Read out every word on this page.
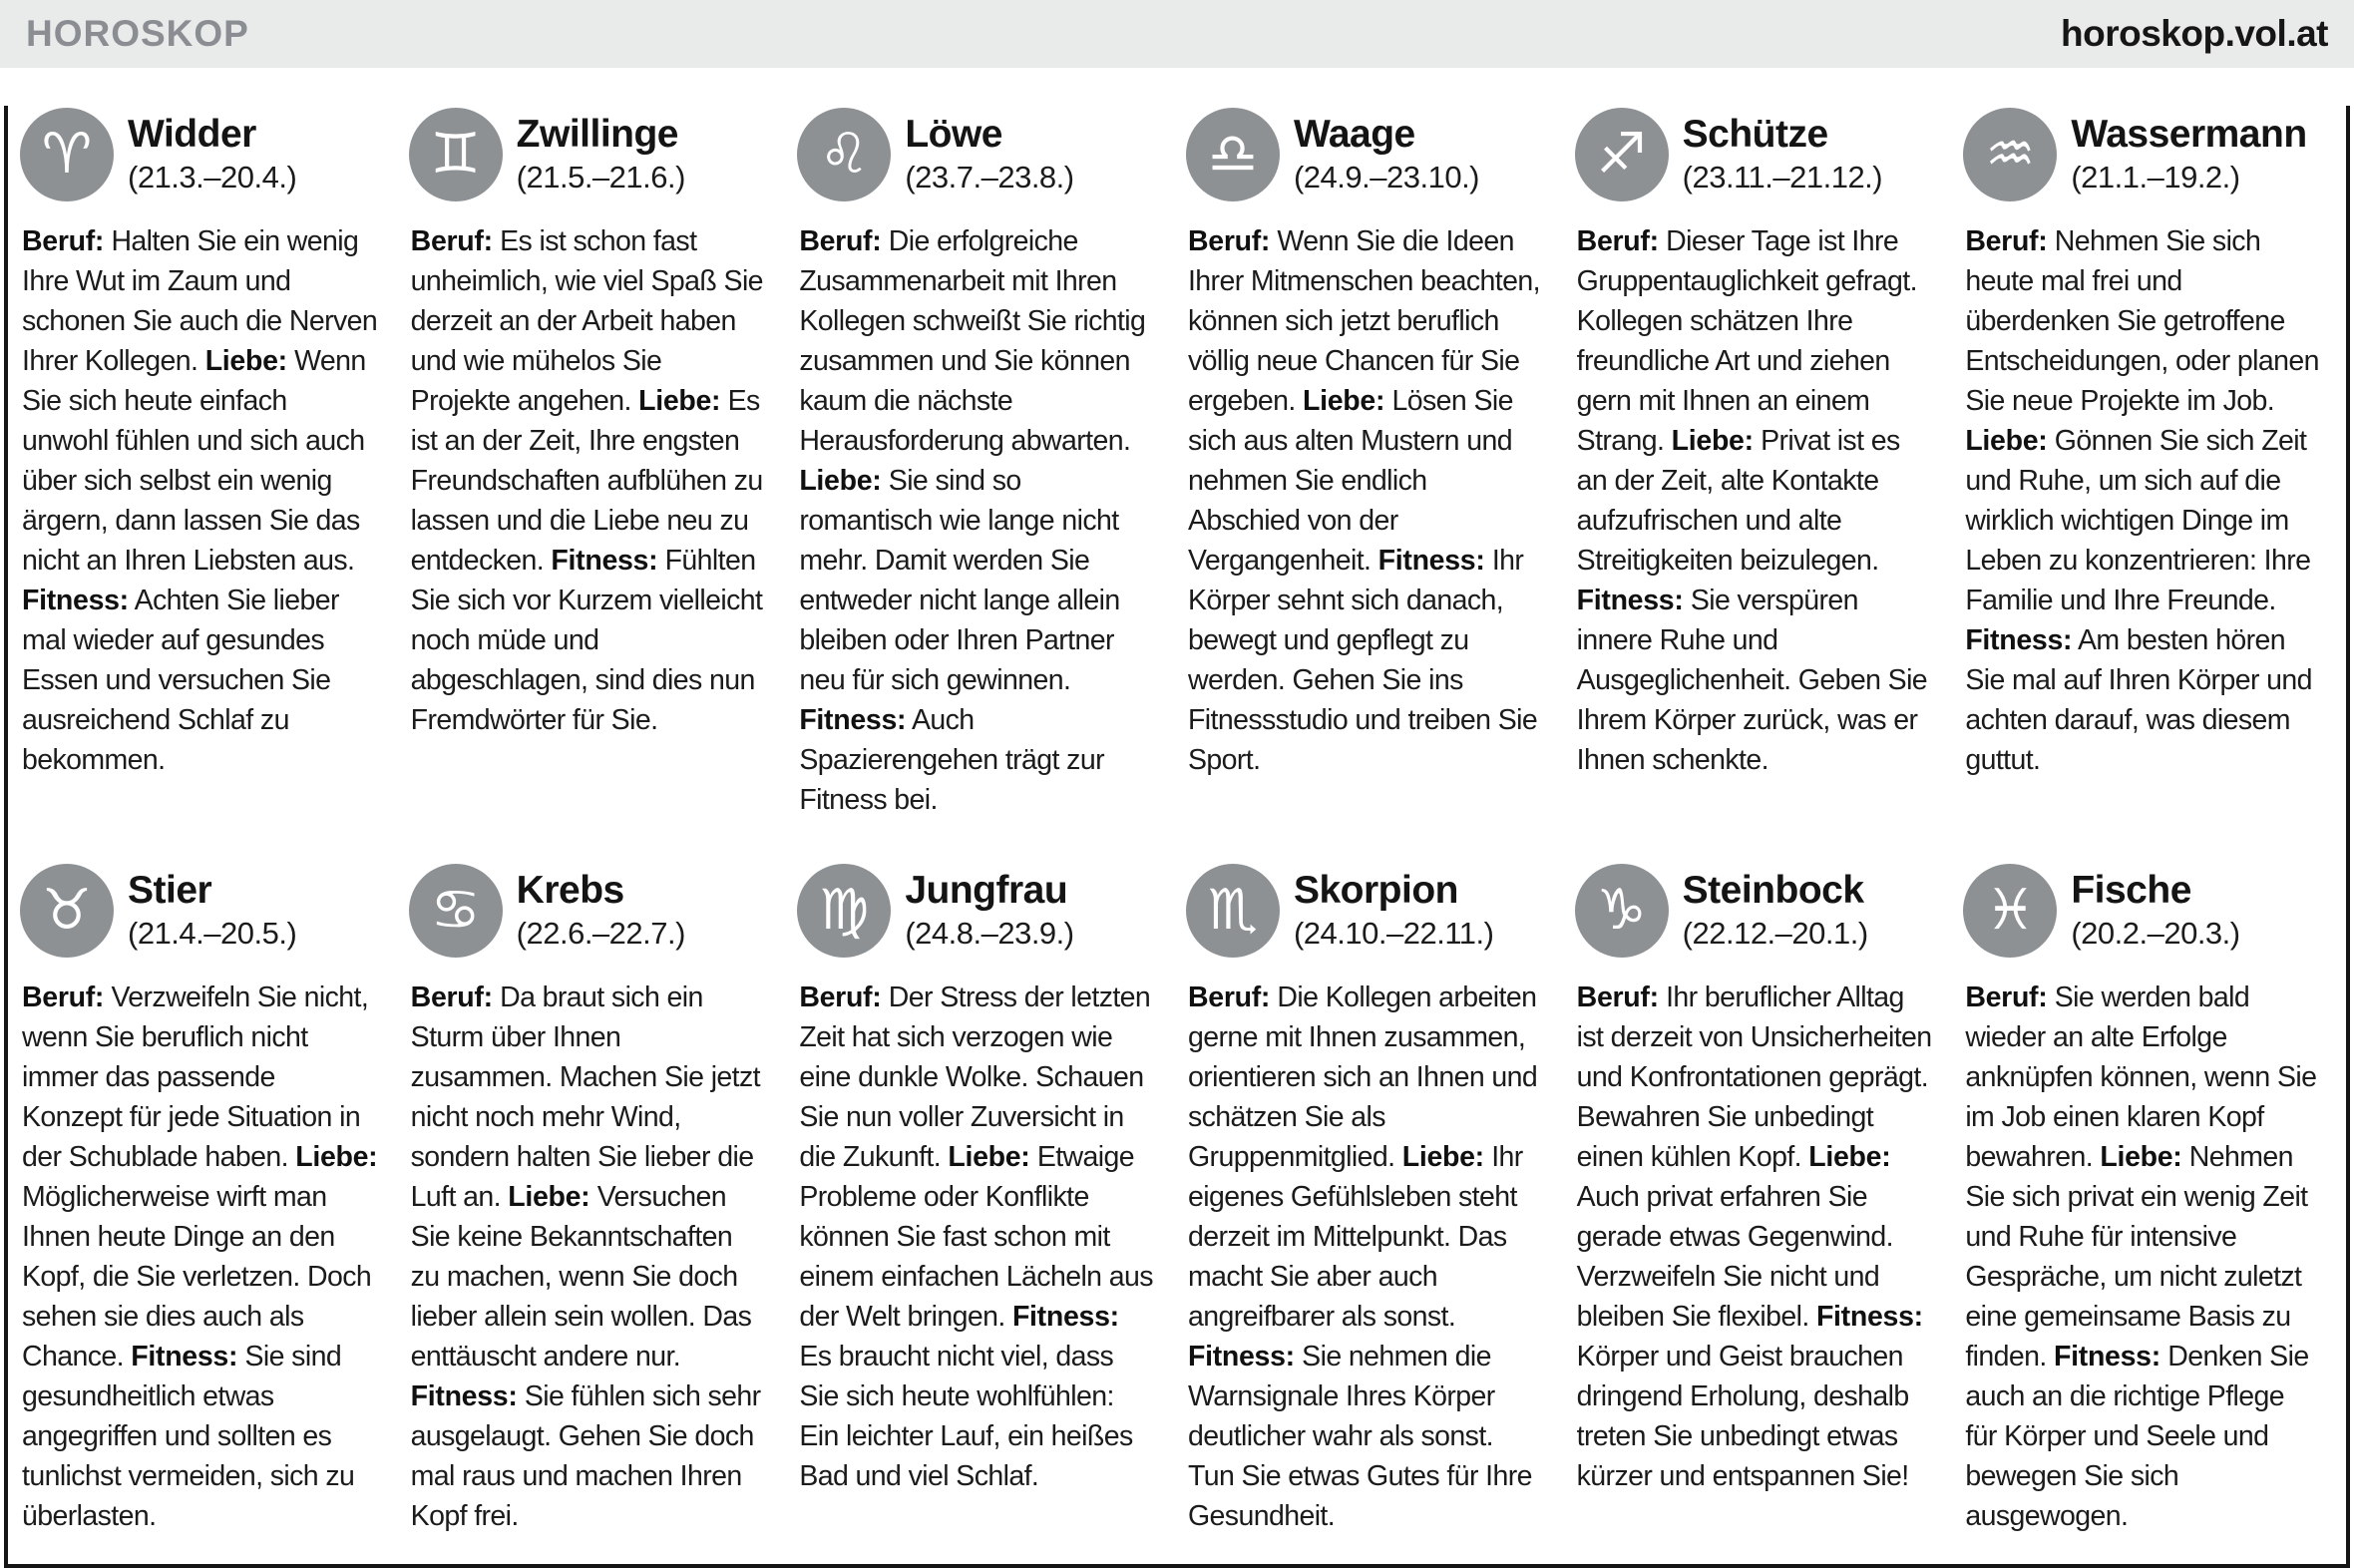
HOROSKOP	horoskop.vol.at
♈ Widder
(21.3.–20.4.)

Beruf: Halten Sie ein wenig Ihre Wut im Zaum und schonen Sie auch die Nerven Ihrer Kollegen. Liebe: Wenn Sie sich heute einfach unwohl fühlen und sich auch über sich selbst ein wenig ärgern, dann lassen Sie das nicht an Ihren Liebsten aus. Fitness: Achten Sie lieber mal wieder auf gesundes Essen und versuchen Sie ausreichend Schlaf zu bekommen.

♊ Zwillinge
(21.5.–21.6.)

Beruf: Es ist schon fast unheimlich, wie viel Spaß Sie derzeit an der Arbeit haben und wie mühelos Sie Projekte angehen. Liebe: Es ist an der Zeit, Ihre engsten Freundschaften aufblühen zu lassen und die Liebe neu zu entdecken. Fitness: Fühlten Sie sich vor Kurzem vielleicht noch müde und abgeschlagen, sind dies nun Fremdwörter für Sie.

♌ Löwe
(23.7.–23.8.)

Beruf: Die erfolgreiche Zusammenarbeit mit Ihren Kollegen schweißt Sie richtig zusammen und Sie können kaum die nächste Herausforderung abwarten. Liebe: Sie sind so romantisch wie lange nicht mehr. Damit werden Sie entweder nicht lange allein bleiben oder Ihren Partner neu für sich gewinnen. Fitness: Auch Spazierengehen trägt zur Fitness bei.

♎ Waage
(24.9.–23.10.)

Beruf: Wenn Sie die Ideen Ihrer Mitmenschen beachten, können sich jetzt beruflich völlig neue Chancen für Sie ergeben. Liebe: Lösen Sie sich aus alten Mustern und nehmen Sie endlich Abschied von der Vergangenheit. Fitness: Ihr Körper sehnt sich danach, bewegt und gepflegt zu werden. Gehen Sie ins Fitnessstudio und treiben Sie Sport.

♐ Schütze
(23.11.–21.12.)

Beruf: Dieser Tage ist Ihre Gruppentauglichkeit gefragt. Kollegen schätzen Ihre freundliche Art und ziehen gern mit Ihnen an einem Strang. Liebe: Privat ist es an der Zeit, alte Kontakte aufzufrischen und alte Streitigkeiten beizulegen. Fitness: Sie verspüren innere Ruhe und Ausgeglichenheit. Geben Sie Ihrem Körper zurück, was er Ihnen schenkte.

♒ Wassermann
(21.1.–19.2.)

Beruf: Nehmen Sie sich heute mal frei und überdenken Sie getroffene Entscheidungen, oder planen Sie neue Projekte im Job. Liebe: Gönnen Sie sich Zeit und Ruhe, um sich auf die wirklich wichtigen Dinge im Leben zu konzentrieren: Ihre Familie und Ihre Freunde. Fitness: Am besten hören Sie mal auf Ihren Körper und achten darauf, was diesem guttut.

♉ Stier
(21.4.–20.5.)

Beruf: Verzweifeln Sie nicht, wenn Sie beruflich nicht immer das passende Konzept für jede Situation in der Schublade haben. Liebe: Möglicherweise wirft man Ihnen heute Dinge an den Kopf, die Sie verletzen. Doch sehen sie dies auch als Chance. Fitness: Sie sind gesundheitlich etwas angegriffen und sollten es tunlichst vermeiden, sich zu überlasten.

♋ Krebs
(22.6.–22.7.)

Beruf: Da braut sich ein Sturm über Ihnen zusammen. Machen Sie jetzt nicht noch mehr Wind, sondern halten Sie lieber die Luft an. Liebe: Versuchen Sie keine Bekanntschaften zu machen, wenn Sie doch lieber allein sein wollen. Das enttäuscht andere nur. Fitness: Sie fühlen sich sehr ausgelaugt. Gehen Sie doch mal raus und machen Ihren Kopf frei.

♍ Jungfrau
(24.8.–23.9.)

Beruf: Der Stress der letzten Zeit hat sich verzogen wie eine dunkle Wolke. Schauen Sie nun voller Zuversicht in die Zukunft. Liebe: Etwaige Probleme oder Konflikte können Sie fast schon mit einem einfachen Lächeln aus der Welt bringen. Fitness: Es braucht nicht viel, dass Sie sich heute wohlfühlen: Ein leichter Lauf, ein heißes Bad und viel Schlaf.

♏ Skorpion
(24.10.–22.11.)

Beruf: Die Kollegen arbeiten gerne mit Ihnen zusammen, orientieren sich an Ihnen und schätzen Sie als Gruppenmitglied. Liebe: Ihr eigenes Gefühlsleben steht derzeit im Mittelpunkt. Das macht Sie aber auch angreifbarer als sonst. Fitness: Sie nehmen die Warnsignale Ihres Körper deutlicher wahr als sonst. Tun Sie etwas Gutes für Ihre Gesundheit.

♑ Steinbock
(22.12.–20.1.)

Beruf: Ihr beruflicher Alltag ist derzeit von Unsicherheiten und Konfrontationen geprägt. Bewahren Sie unbedingt einen kühlen Kopf. Liebe: Auch privat erfahren Sie gerade etwas Gegenwind. Verzweifeln Sie nicht und bleiben Sie flexibel. Fitness: Körper und Geist brauchen dringend Erholung, deshalb treten Sie unbedingt etwas kürzer und entspannen Sie!

♓ Fische
(20.2.–20.3.)

Beruf: Sie werden bald wieder an alte Erfolge anknüpfen können, wenn Sie im Job einen klaren Kopf bewahren. Liebe: Nehmen Sie sich privat ein wenig Zeit und Ruhe für intensive Gespräche, um nicht zuletzt eine gemeinsame Basis zu finden. Fitness: Denken Sie auch an die richtige Pflege für Körper und Seele und bewegen Sie sich ausgewogen.
